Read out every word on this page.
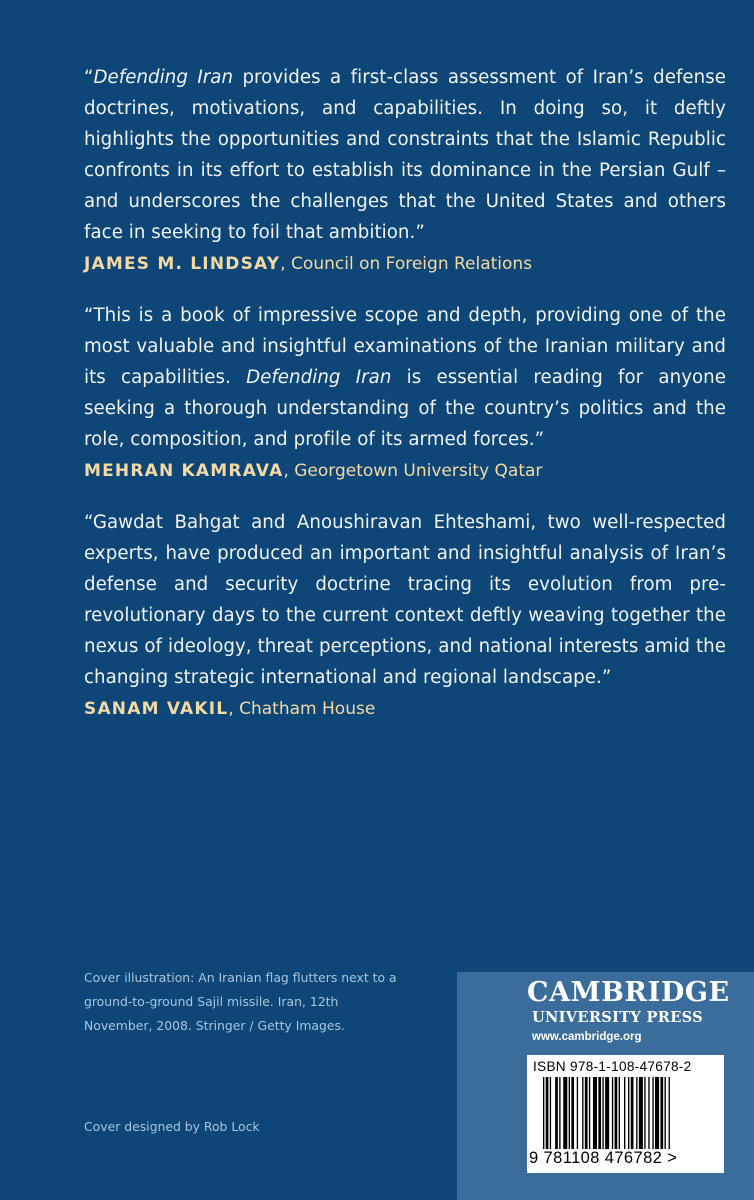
“Defending Iran provides a first-class assessment of Iran’s defense doctrines, motivations, and capabilities. In doing so, it deftly highlights the opportunities and constraints that the Islamic Republic confronts in its effort to establish its dominance in the Persian Gulf – and underscores the challenges that the United States and others face in seeking to foil that ambition.”

JAMES M. LINDSAY, Council on Foreign Relations

“This is a book of impressive scope and depth, providing one of the most valuable and insightful examinations of the Iranian military and its capabilities. Defending Iran is essential reading for anyone seeking a thorough understanding of the country’s politics and the role, composition, and profile of its armed forces.”

MEHRAN KAMRAVA, Georgetown University Qatar

“Gawdat Bahgat and Anoushiravan Ehteshami, two well-respected experts, have produced an important and insightful analysis of Iran’s defense and security doctrine tracing its evolution from pre-revolutionary days to the current context deftly weaving together the nexus of ideology, threat perceptions, and national interests amid the changing strategic international and regional landscape.”

SANAM VAKIL, Chatham House
Cover illustration: An Iranian flag flutters next to a ground-to-ground Sajil missile. Iran, 12th November, 2008. Stringer / Getty Images.
Cover designed by Rob Lock
CAMBRIDGE
UNIVERSITY PRESS
www.cambridge.org
ISBN 978-1-108-47678-2
9 781108 476782 >
